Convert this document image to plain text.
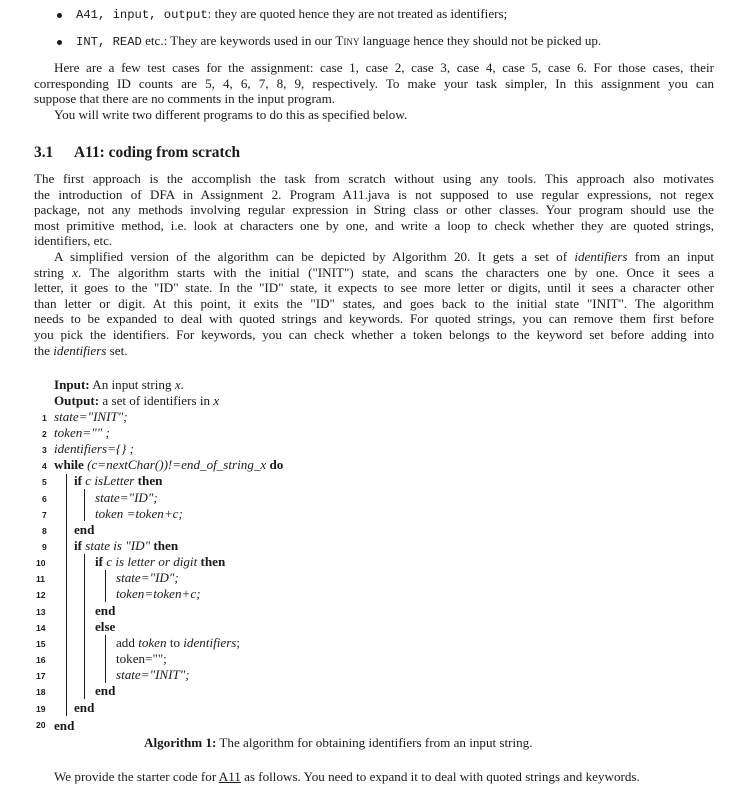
A41, input, output: they are quoted hence they are not treated as identifiers;
INT, READ etc.: They are keywords used in our Tiny language hence they should not be picked up.
Here are a few test cases for the assignment: case 1, case 2, case 3, case 4, case 5, case 6. For those cases, their
corresponding ID counts are 5, 4, 6, 7, 8, 9, respectively. To make your task simpler, In this assignment you can
suppose that there are no comments in the input program.
You will write two different programs to do this as specified below.
3.1 A11: coding from scratch
The first approach is the accomplish the task from scratch without using any tools. This approach also motivates
the introduction of DFA in Assignment 2. Program A11.java is not supposed to use regular expressions, not regex
package, not any methods involving regular expression in String class or other classes. Your program should use the
most primitive method, i.e. look at characters one by one, and write a loop to check whether they are quoted strings,
identifiers, etc.
A simplified version of the algorithm can be depicted by Algorithm 20. It gets a set of identifiers from an input
string x. The algorithm starts with the initial ("INIT") state, and scans the characters one by one. Once it sees a
letter, it goes to the "ID" state. In the "ID" state, it expects to see more letter or digits, until it sees a character other
than letter or digit. At this point, it exits the "ID" states, and goes back to the initial state "INIT". The algorithm
needs to be expanded to deal with quoted strings and keywords. For quoted strings, you can remove them first before
you pick the identifiers. For keywords, you can check whether a token belongs to the keyword set before adding into
the identifiers set.
Input: An input string x.
Output: a set of identifiers in x
1
2
3
4
5
6
7
8
9
10
11
12
13
14
15
16
17
18
19
20
state="INIT";
token="" ;
identifiers={} ;
while (c=nextChar())!=end_of_string_x do
if c isLetter then
state="ID";
token =token+c;
end
if state is "ID" then
if c is letter or digit then
state="ID";
token=token+c;
end
else
add token to identifiers;
token="";
state="INIT";
end
end
end
Algorithm 1: The algorithm for obtaining identifiers from an input string.
We provide the starter code for A11 as follows. You need to expand it to deal with quoted strings and keywords.
